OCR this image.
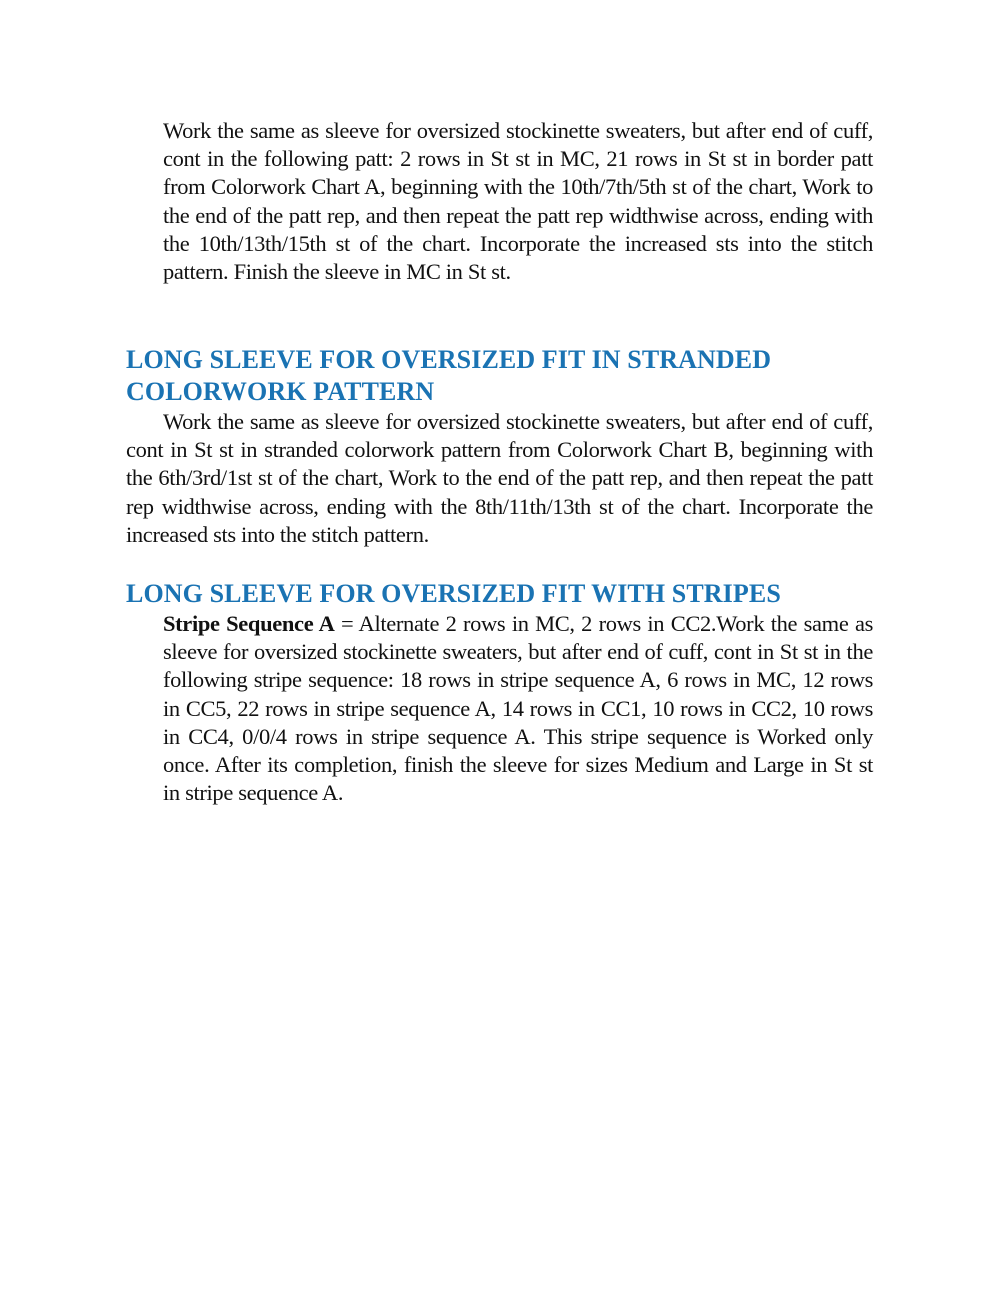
Work the same as sleeve for oversized stockinette sweaters, but after end of cuff, cont in the following patt: 2 rows in St st in MC, 21 rows in St st in border patt from Colorwork Chart A, beginning with the 10th/7th/5th st of the chart, Work to the end of the patt rep, and then repeat the patt rep widthwise across, ending with the 10th/13th/15th st of the chart. Incorporate the increased sts into the stitch pattern. Finish the sleeve in MC in St st.

LONG SLEEVE FOR OVERSIZED FIT IN STRANDED COLORWORK PATTERN

Work the same as sleeve for oversized stockinette sweaters, but after end of cuff, cont in St st in stranded colorwork pattern from Colorwork Chart B, beginning with the 6th/3rd/1st st of the chart, Work to the end of the patt rep, and then repeat the patt rep widthwise across, ending with the 8th/11th/13th st of the chart. Incorporate the increased sts into the stitch pattern.

LONG SLEEVE FOR OVERSIZED FIT WITH STRIPES

Stripe Sequence A = Alternate 2 rows in MC, 2 rows in CC2.Work the same as sleeve for oversized stockinette sweaters, but after end of cuff, cont in St st in the following stripe sequence: 18 rows in stripe sequence A, 6 rows in MC, 12 rows in CC5, 22 rows in stripe sequence A, 14 rows in CC1, 10 rows in CC2, 10 rows in CC4, 0/0/4 rows in stripe sequence A. This stripe sequence is Worked only once. After its completion, finish the sleeve for sizes Medium and Large in St st in stripe sequence A.
